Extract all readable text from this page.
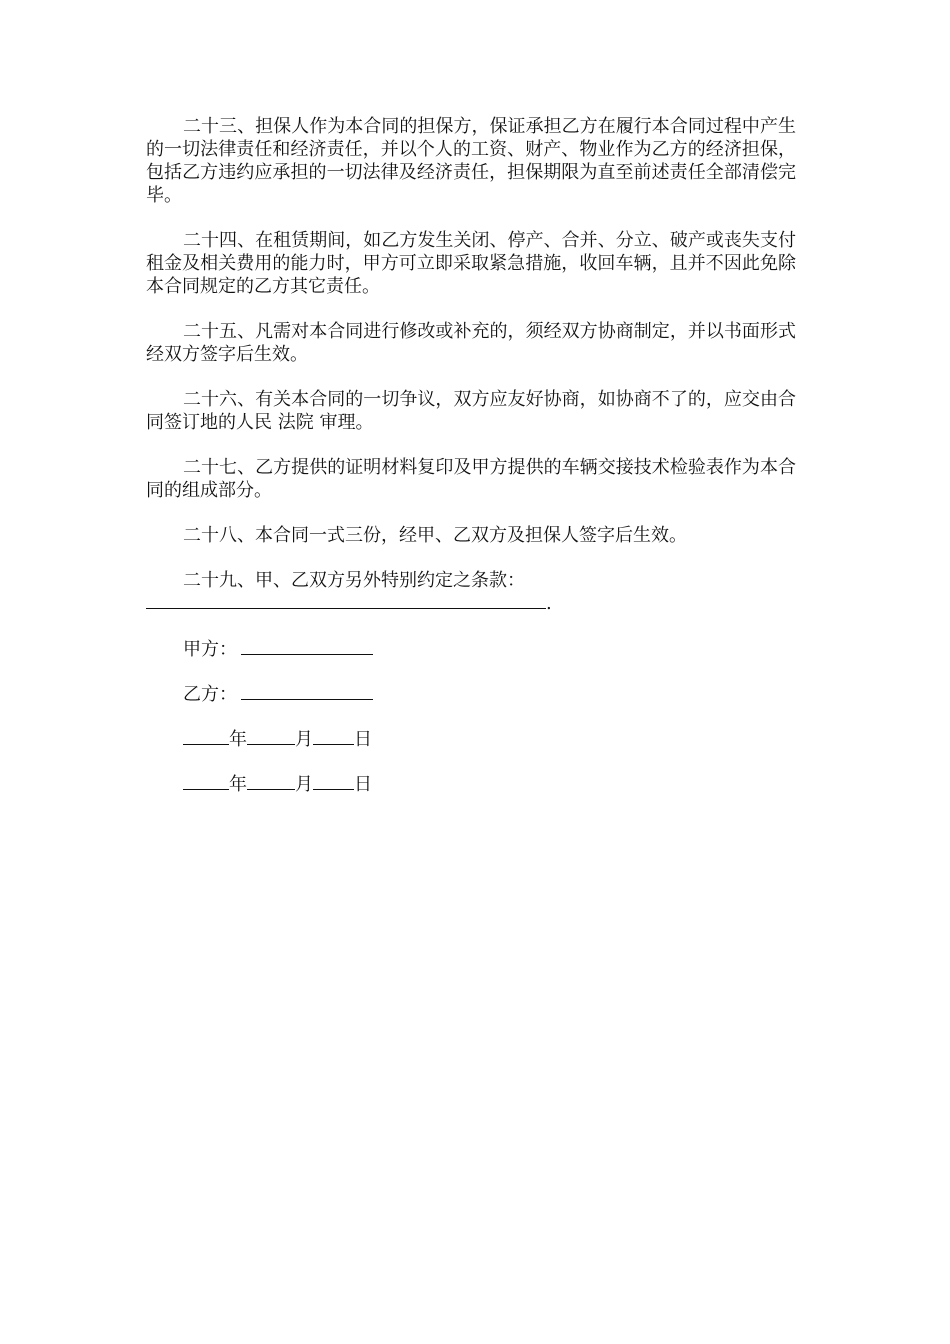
二十三、担保人作为本合同的担保方，保证承担乙方在履行本合同过程中产生的一切法律责任和经济责任，并以个人的工资、财产、物业作为乙方的经济担保，包括乙方违约应承担的一切法律及经济责任，担保期限为直至前述责任全部清偿完毕。

二十四、在租赁期间，如乙方发生关闭、停产、合并、分立、破产或丧失支付租金及相关费用的能力时，甲方可立即采取紧急措施，收回车辆，且并不因此免除本合同规定的乙方其它责任。

二十五、凡需对本合同进行修改或补充的，须经双方协商制定，并以书面形式经双方签字后生效。

二十六、有关本合同的一切争议，双方应友好协商，如协商不了的，应交由合同签订地的人民 法院 审理。

二十七、乙方提供的证明材料复印及甲方提供的车辆交接技术检验表作为本合同的组成部分。

二十八、本合同一式三份，经甲、乙双方及担保人签字后生效。

二十九、甲、乙双方另外特别约定之条款：

.
甲方：
乙方：
年	月 日
年	月 日
